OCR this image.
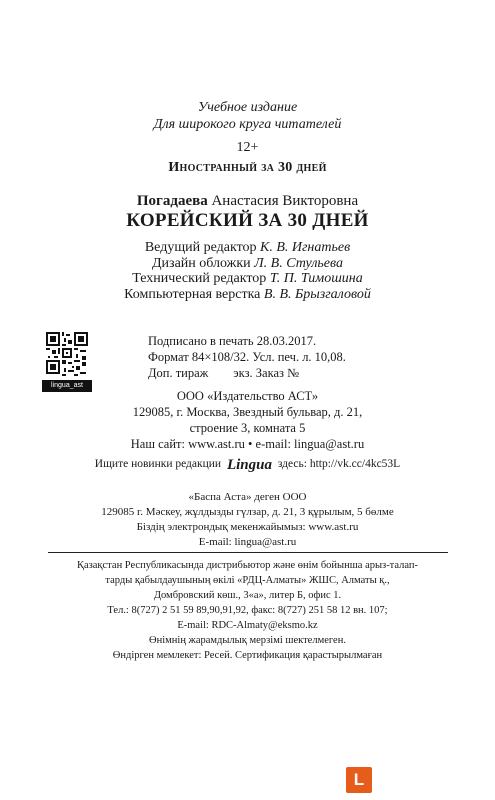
Учебное издание
Для широкого круга читателей
12+
Иностранный за 30 дней
Погадаева Анастасия Викторовна
КОРЕЙСКИЙ ЗА 30 ДНЕЙ
Ведущий редактор К. В. Игнатьев
Дизайн обложки Л. В. Стульева
Технический редактор Т. П. Тимошина
Компьютерная верстка В. В. Брызгаловой
lingua_ast
Подписано в печать 28.03.2017.
Формат 84×108/32. Усл. печ. л. 10,08.
Доп. тираж        экз. Заказ №
ООО «Издательство АСТ»
129085, г. Москва, Звездный бульвар, д. 21,
строение 3, комната 5
Наш сайт: www.ast.ru • e-mail: lingua@ast.ru
Ищите новинки редакции Lingua здесь: http://vk.cc/4kc53L
«Баспа Аста» деген ООО
129085 г. Мәскеу, жұлдызды гүлзар, д. 21, 3 құрылым, 5 бөлме
Біздің электрондық мекенжайымыз: www.ast.ru
E-mail: lingua@ast.ru
Қазақстан Республикасында дистрибьютор және өнім бойынша арыз-талап-
тарды қабылдаушының өкілі «РДЦ-Алматы» ЖШС, Алматы қ.,
Домбровский көш., 3«а», литер Б, офис 1.
Тел.: 8(727) 2 51 59 89,90,91,92, факс: 8(727) 251 58 12 вн. 107;
E-mail: RDC-Almaty@eksmo.kz
Өнімнің жарамдылық мерзімі шектелмеген.
Өндірген мемлекет: Ресей. Сертификация қарастырылмаған
L
